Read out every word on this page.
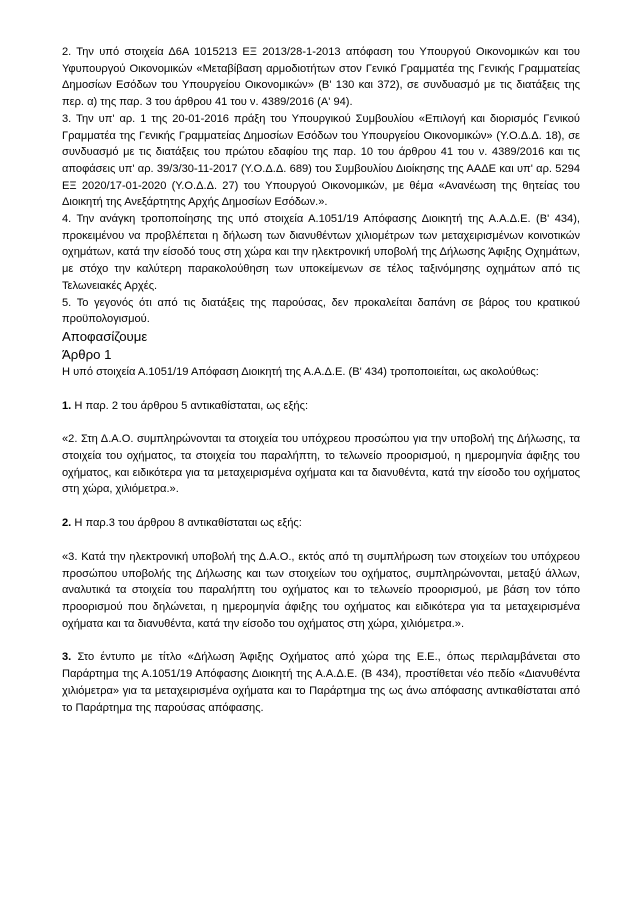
2. Την υπό στοιχεία Δ6Α 1015213 ΕΞ 2013/28-1-2013 απόφαση του Υπουργού Οικονομικών και του Υφυπουργού Οικονομικών «Μεταβίβαση αρμοδιοτήτων στον Γενικό Γραμματέα της Γενικής Γραμματείας Δημοσίων Εσόδων του Υπουργείου Οικονομικών» (Β' 130 και 372), σε συνδυασμό με τις διατάξεις της περ. α) της παρ. 3 του άρθρου 41 του ν. 4389/2016 (Α' 94).

3. Την υπ' αρ. 1 της 20-01-2016 πράξη του Υπουργικού Συμβουλίου «Επιλογή και διορισμός Γενικού Γραμματέα της Γενικής Γραμματείας Δημοσίων Εσόδων του Υπουργείου Οικονομικών» (Υ.Ο.Δ.Δ. 18), σε συνδυασμό με τις διατάξεις του πρώτου εδαφίου της παρ. 10 του άρθρου 41 του ν. 4389/2016 και τις αποφάσεις υπ' αρ. 39/3/30-11-2017 (Υ.Ο.Δ.Δ. 689) του Συμβουλίου Διοίκησης της ΑΑΔΕ και υπ' αρ. 5294 ΕΞ 2020/17-01-2020 (Υ.Ο.Δ.Δ. 27) του Υπουργού Οικονομικών, με θέμα «Ανανέωση της θητείας του Διοικητή της Ανεξάρτητης Αρχής Δημοσίων Εσόδων.».

4. Την ανάγκη τροποποίησης της υπό στοιχεία Α.1051/19 Απόφασης Διοικητή της Α.Α.Δ.Ε. (Β' 434), προκειμένου να προβλέπεται η δήλωση των διανυθέντων χιλιομέτρων των μεταχειρισμένων κοινοτικών οχημάτων, κατά την είσοδό τους στη χώρα και την ηλεκτρονική υποβολή της Δήλωσης Άφιξης Οχημάτων, με στόχο την καλύτερη παρακολούθηση των υποκείμενων σε τέλος ταξινόμησης οχημάτων από τις Τελωνειακές Αρχές.

5. Το γεγονός ότι από τις διατάξεις της παρούσας, δεν προκαλείται δαπάνη σε βάρος του κρατικού προϋπολογισμού.

Αποφασίζουμε

Άρθρο 1

Η υπό στοιχεία Α.1051/19 Απόφαση Διοικητή της Α.Α.Δ.Ε. (Β' 434) τροποποιείται, ως ακολούθως:

1. Η παρ. 2 του άρθρου 5 αντικαθίσταται, ως εξής:

«2. Στη Δ.Α.Ο. συμπληρώνονται τα στοιχεία του υπόχρεου προσώπου για την υποβολή της Δήλωσης, τα στοιχεία του οχήματος, τα στοιχεία του παραλήπτη, το τελωνείο προορισμού, η ημερομηνία άφιξης του οχήματος, και ειδικότερα για τα μεταχειρισμένα οχήματα και τα διανυθέντα, κατά την είσοδο του οχήματος στη χώρα, χιλιόμετρα.».

2. Η παρ.3 του άρθρου 8 αντικαθίσταται ως εξής:

«3. Κατά την ηλεκτρονική υποβολή της Δ.Α.Ο., εκτός από τη συμπλήρωση των στοιχείων του υπόχρεου προσώπου υποβολής της Δήλωσης και των στοιχείων του οχήματος, συμπληρώνονται, μεταξύ άλλων, αναλυτικά τα στοιχεία του παραλήπτη του οχήματος και το τελωνείο προορισμού, με βάση τον τόπο προορισμού που δηλώνεται, η ημερομηνία άφιξης του οχήματος και ειδικότερα για τα μεταχειρισμένα οχήματα και τα διανυθέντα, κατά την είσοδο του οχήματος στη χώρα, χιλιόμετρα.».

3. Στο έντυπο με τίτλο «Δήλωση Άφιξης Οχήματος από χώρα της Ε.Ε., όπως περιλαμβάνεται στο Παράρτημα της Α.1051/19 Απόφασης Διοικητή της Α.Α.Δ.Ε. (Β 434), προστίθεται νέο πεδίο «Διανυθέντα χιλιόμετρα» για τα μεταχειρισμένα οχήματα και το Παράρτημα της ως άνω απόφασης αντικαθίσταται από το Παράρτημα της παρούσας απόφασης.
